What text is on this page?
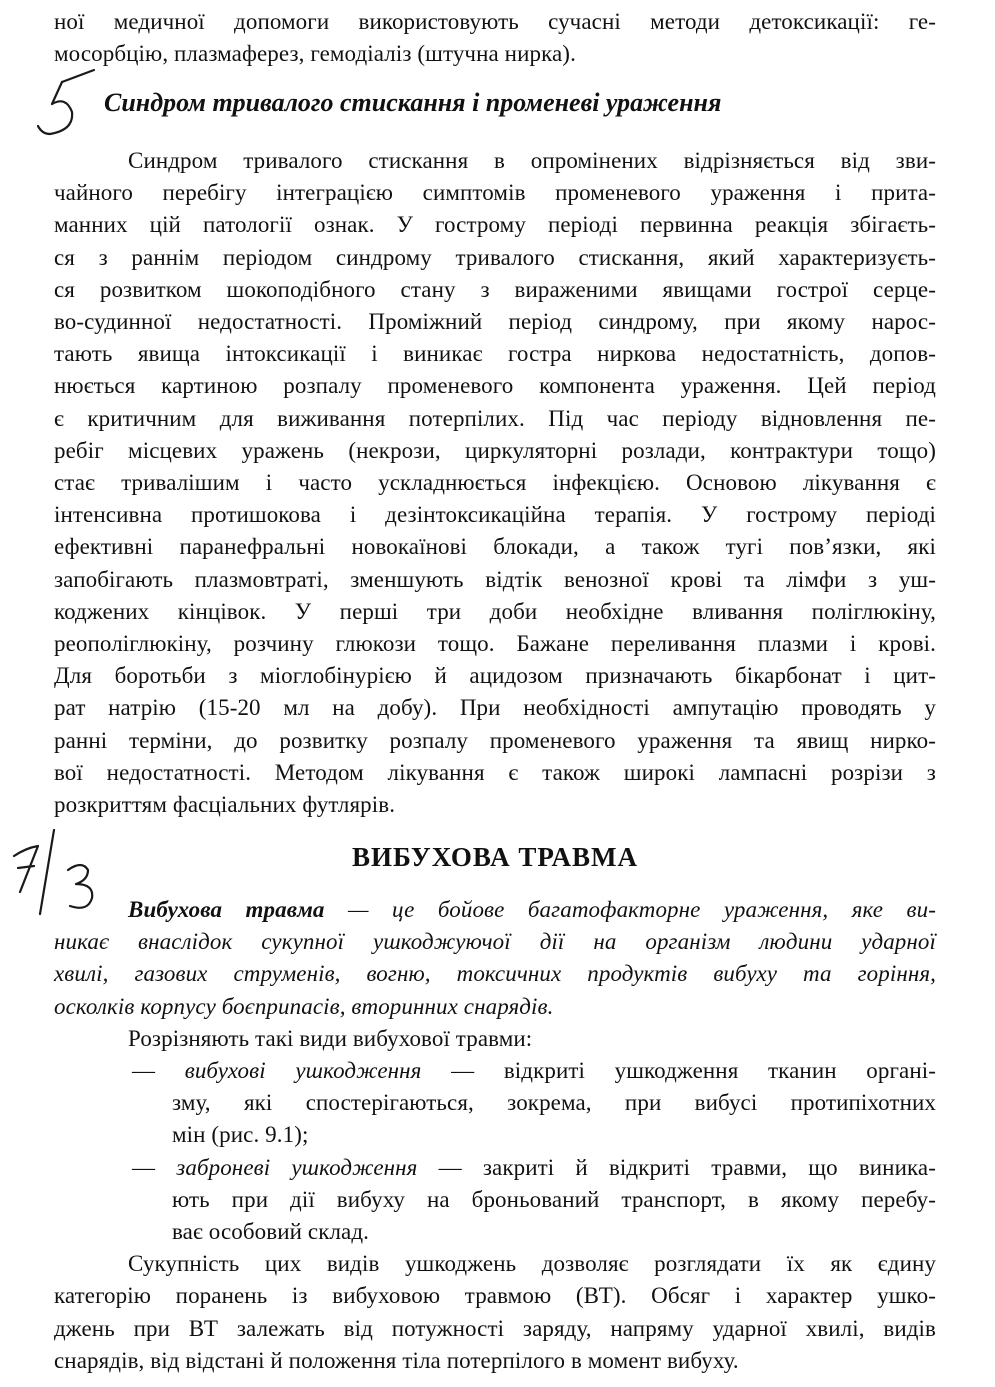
ної медичної допомоги використовують сучасні методи детоксикації: ге-

мосорбцію, плазмаферез, гемодіаліз (штучна нирка).

Синдром тривалого стискання і променеві ураження

Синдром тривалого стискання в опромінених відрізняється від зви-

чайного перебігу інтеграцією симптомів променевого ураження і прита-

манних цій патології ознак. У гострому періоді первинна реакція збігаєть-

ся з раннім періодом синдрому тривалого стискання, який характеризуєть-

ся розвитком шокоподібного стану з вираженими явищами гострої серце-

во-судинної недостатності. Проміжний період синдрому, при якому нарос-

тають явища інтоксикації і виникає гостра ниркова недостатність, допов-

нюється картиною розпалу променевого компонента ураження. Цей період

є критичним для виживання потерпілих. Під час періоду відновлення пе-

ребіг місцевих уражень (некрози, циркуляторні розлади, контрактури тощо)

стає тривалішим і часто ускладнюється інфекцією. Основою лікування є

інтенсивна протишокова і дезінтоксикаційна терапія. У гострому періоді

ефективні паранефральні новокаїнові блокади, а також тугі пов’язки, які

запобігають плазмовтраті, зменшують відтік венозної крові та лімфи з уш-

коджених кінцівок. У перші три доби необхідне вливання поліглюкіну,

реополіглюкіну, розчину глюкози тощо. Бажане переливання плазми і крові.

Для боротьби з міоглобінурією й ацидозом призначають бікарбонат і цит-

рат натрію (15-20 мл на добу). При необхідності ампутацію проводять у

ранні терміни, до розвитку розпалу променевого ураження та явищ нирко-

вої недостатності. Методом лікування є також широкі лампасні розрізи з

розкриттям фасціальних футлярів.

ВИБУХОВА ТРАВМА

Вибухова травма — це бойове багатофакторне ураження, яке ви-

никає внаслідок сукупної ушкоджуючої дії на організм людини ударної

хвилі, газових струменів, вогню, токсичних продуктів вибуху та горіння,

осколків корпусу боєприпасів, вторинних снарядів.

Розрізняють такі види вибухової травми:

— вибухові ушкодження — відкриті ушкодження тканин органі-

зму, які спостерігаються, зокрема, при вибусі протипіхотних

мін (рис. 9.1);

— заброневі ушкодження — закриті й відкриті травми, що виника-

ють при дії вибуху на броньований транспорт, в якому перебу-

ває особовий склад.

Сукупність цих видів ушкоджень дозволяє розглядати їх як єдину

категорію поранень із вибуховою травмою (ВТ). Обсяг і характер ушко-

джень при ВТ залежать від потужності заряду, напряму ударної хвилі, видів

снарядів, від відстані й положення тіла потерпілого в момент вибуху.
